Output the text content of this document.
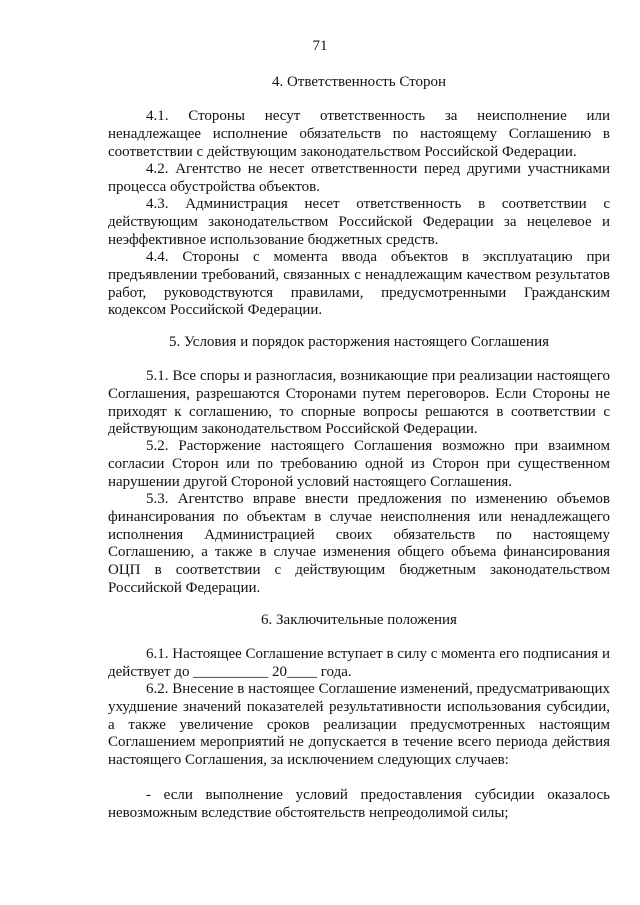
71
4. Ответственность Сторон

4.1. Стороны несут ответственность за неисполнение или ненадлежащее исполнение обязательств по настоящему Соглашению в соответствии с действующим законодательством Российской Федерации.

4.2. Агентство не несет ответственности перед другими участниками процесса обустройства объектов.

4.3. Администрация несет ответственность в соответствии с действующим законодательством Российской Федерации за нецелевое и неэффективное использование бюджетных средств.

4.4. Стороны с момента ввода объектов в эксплуатацию при предъявлении требований, связанных с ненадлежащим качеством результатов работ, руководствуются правилами, предусмотренными Гражданским кодексом Российской Федерации.

5. Условия и порядок расторжения настоящего Соглашения

5.1. Все споры и разногласия, возникающие при реализации настоящего Соглашения, разрешаются Сторонами путем переговоров. Если Стороны не приходят к соглашению, то спорные вопросы решаются в соответствии с действующим законодательством Российской Федерации.

5.2. Расторжение настоящего Соглашения возможно при взаимном согласии Сторон или по требованию одной из Сторон при существенном нарушении другой Стороной условий настоящего Соглашения.

5.3. Агентство вправе внести предложения по изменению объемов финансирования по объектам в случае неисполнения или ненадлежащего исполнения Администрацией своих обязательств по настоящему Соглашению, а также в случае изменения общего объема финансирования ОЦП в соответствии с действующим бюджетным законодательством Российской Федерации.

6. Заключительные положения

6.1. Настоящее Соглашение вступает в силу с момента его подписания и действует до __________ 20____ года.

6.2. Внесение в настоящее Соглашение изменений, предусматривающих ухудшение значений показателей результативности использования субсидии, а также увеличение сроков реализации предусмотренных настоящим Соглашением мероприятий не допускается в течение всего периода действия настоящего Соглашения, за исключением следующих случаев:

- если выполнение условий предоставления субсидии оказалось невозможным вследствие обстоятельств непреодолимой силы;
